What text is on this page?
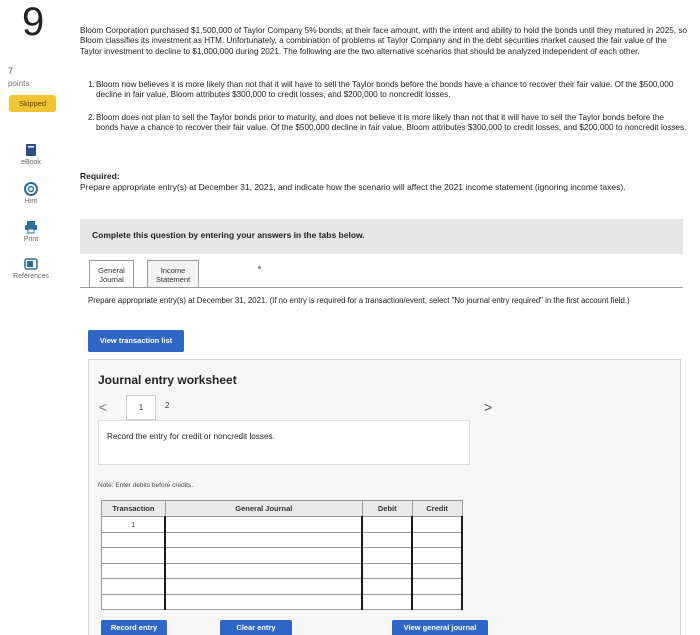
9
7
points
Skipped
eBook
Hint
Print
References
Bloom Corporation purchased $1,500,000 of Taylor Company 5% bonds, at their face amount, with the intent and ability to hold the bonds until they matured in 2025, so Bloom classifies its investment as HTM. Unfortunately, a combination of problems at Taylor Company and in the debt securities market caused the fair value of the Taylor investment to decline to $1,000,000 during 2021. The following are the two alternative scenarios that should be analyzed independent of each other.
1. Bloom now believes it is more likely than not that it will have to sell the Taylor bonds before the bonds have a chance to recover their fair value. Of the $500,000 decline in fair value, Bloom attributes $300,000 to credit losses, and $200,000 to noncredit losses.
2. Bloom does not plan to sell the Taylor bonds prior to maturity, and does not believe it is more likely than not that it will have to sell the Taylor bonds before the bonds have a chance to recover their fair value. Of the $500,000 decline in fair value, Bloom attributes $300,000 to credit losses, and $200,000 to noncredit losses.
Required:
Prepare appropriate entry(s) at December 31, 2021, and indicate how the scenario will affect the 2021 income statement (ignoring income taxes).
Complete this question by entering your answers in the tabs below.
General
Journal
Income
Statement
Prepare appropriate entry(s) at December 31, 2021. (If no entry is required for a transaction/event, select "No journal entry required" in the first account field.)
View transaction list
Journal entry worksheet
<	1	2	>
Record the entry for credit or noncredit losses.
Note: Enter debits before credits.
Transaction	General Journal	Debit	Credit
1			

Record entry	Clear entry	View general journal
